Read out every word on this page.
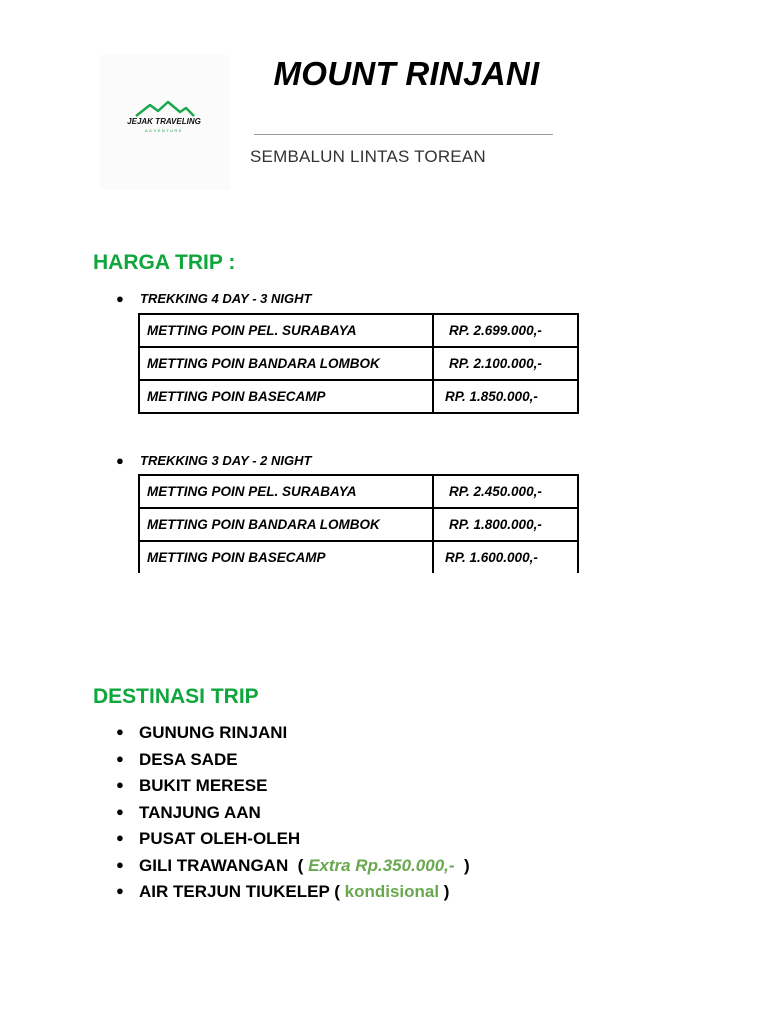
JEJAK TRAVELING
ADVENTURE
MOUNT RINJANI
SEMBALUN LINTAS TOREAN
HARGA TRIP :
● TREKKING 4 DAY - 3 NIGHT
METTING POIN PEL. SURABAYA	RP. 2.699.000,-
METTING POIN BANDARA LOMBOK	RP. 2.100.000,-
METTING POIN BASECAMP	RP. 1.850.000,-
● TREKKING 3 DAY - 2 NIGHT
METTING POIN PEL. SURABAYA	RP. 2.450.000,-
METTING POIN BANDARA LOMBOK	RP. 1.800.000,-
METTING POIN BASECAMP	RP. 1.600.000,-
DESTINASI TRIP
● GUNUNG RINJANI
● DESA SADE
● BUKIT MERESE
● TANJUNG AAN
● PUSAT OLEH-OLEH
● GILI TRAWANGAN  ( Extra Rp.350.000,-  )
● AIR TERJUN TIUKELEP ( kondisional )
